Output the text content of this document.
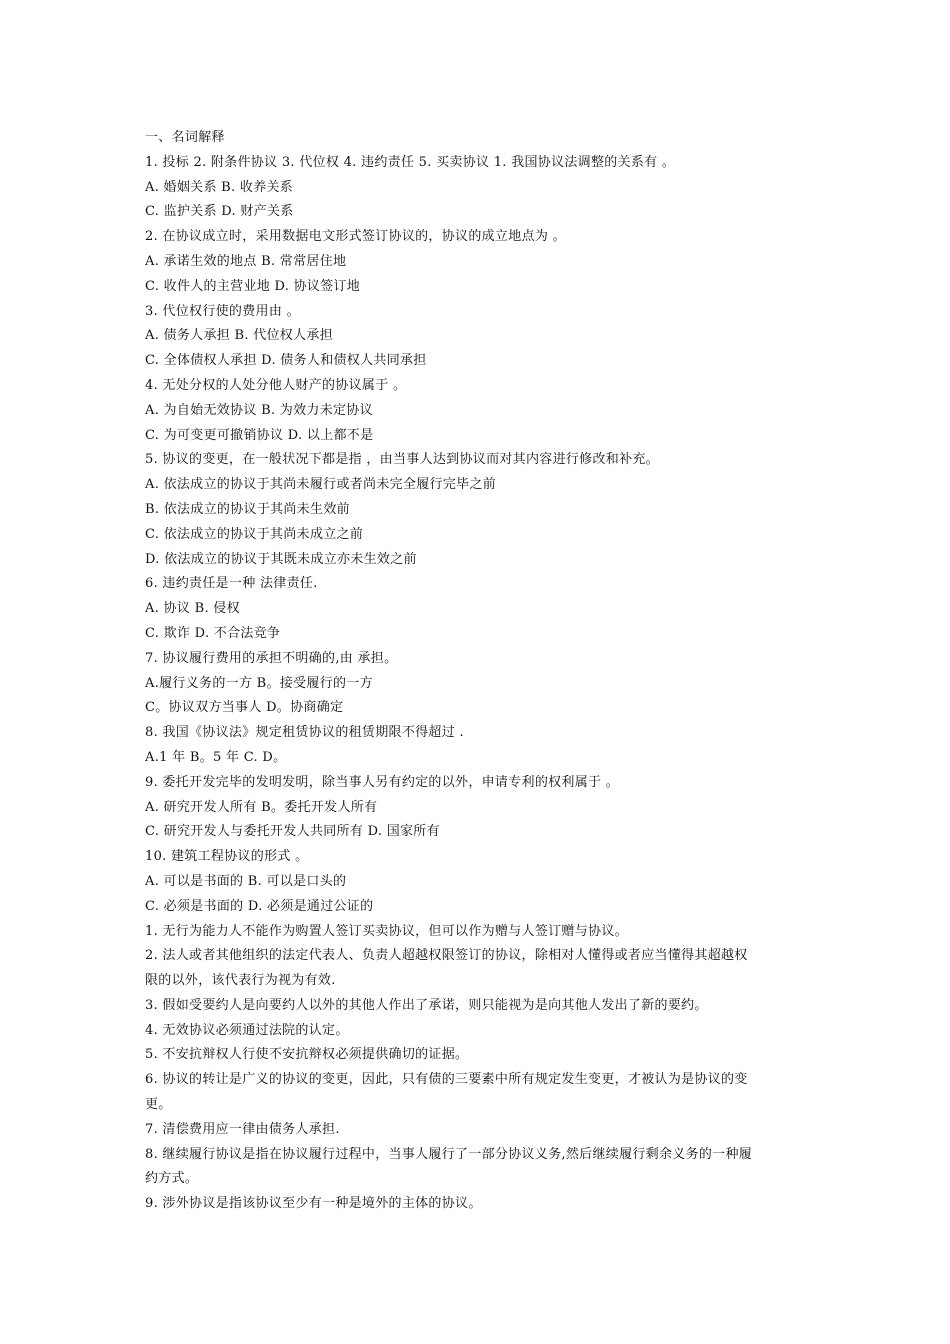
一、名词解释
1. 投标 2. 附条件协议 3. 代位权 4. 违约责任 5. 买卖协议 1. 我国协议法调整的关系有 。
A. 婚姻关系 B. 收养关系
C. 监护关系 D. 财产关系
2. 在协议成立时，采用数据电文形式签订协议的，协议的成立地点为 。
A. 承诺生效的地点 B. 常常居住地
C. 收件人的主营业地 D. 协议签订地
3. 代位权行使的费用由 。
A. 债务人承担 B. 代位权人承担
C. 全体债权人承担 D. 债务人和债权人共同承担
4. 无处分权的人处分他人财产的协议属于 。
A. 为自始无效协议 B. 为效力未定协议
C. 为可变更可撤销协议 D. 以上都不是
5. 协议的变更，在一般状况下都是指 ，由当事人达到协议而对其内容进行修改和补充。
A. 依法成立的协议于其尚未履行或者尚未完全履行完毕之前
B. 依法成立的协议于其尚未生效前
C. 依法成立的协议于其尚未成立之前
D. 依法成立的协议于其既未成立亦未生效之前
6. 违约责任是一种 法律责任.
A. 协议 B. 侵权
C. 欺诈 D. 不合法竞争
7. 协议履行费用的承担不明确的,由 承担。
A.履行义务的一方 B。接受履行的一方
C。协议双方当事人 D。协商确定
8. 我国《协议法》规定租赁协议的租赁期限不得超过 .
A.1 年 B。5 年 C. D。
9. 委托开发完毕的发明发明，除当事人另有约定的以外，申请专利的权利属于 。
A. 研究开发人所有 B。委托开发人所有
C. 研究开发人与委托开发人共同所有 D. 国家所有
10. 建筑工程协议的形式 。
A. 可以是书面的 B. 可以是口头的
C. 必须是书面的 D. 必须是通过公证的
1. 无行为能力人不能作为购置人签订买卖协议，但可以作为赠与人签订赠与协议。
2. 法人或者其他组织的法定代表人、负责人超越权限签订的协议，除相对人懂得或者应当懂得其超越权
限的以外，该代表行为视为有效.
3. 假如受要约人是向要约人以外的其他人作出了承诺，则只能视为是向其他人发出了新的要约。
4. 无效协议必须通过法院的认定。
5. 不安抗辩权人行使不安抗辩权必须提供确切的证据。
6. 协议的转让是广义的协议的变更，因此，只有债的三要素中所有规定发生变更，才被认为是协议的变
更。
7. 清偿费用应一律由债务人承担.
8. 继续履行协议是指在协议履行过程中，当事人履行了一部分协议义务,然后继续履行剩余义务的一种履
约方式。
9. 涉外协议是指该协议至少有一种是境外的主体的协议。
